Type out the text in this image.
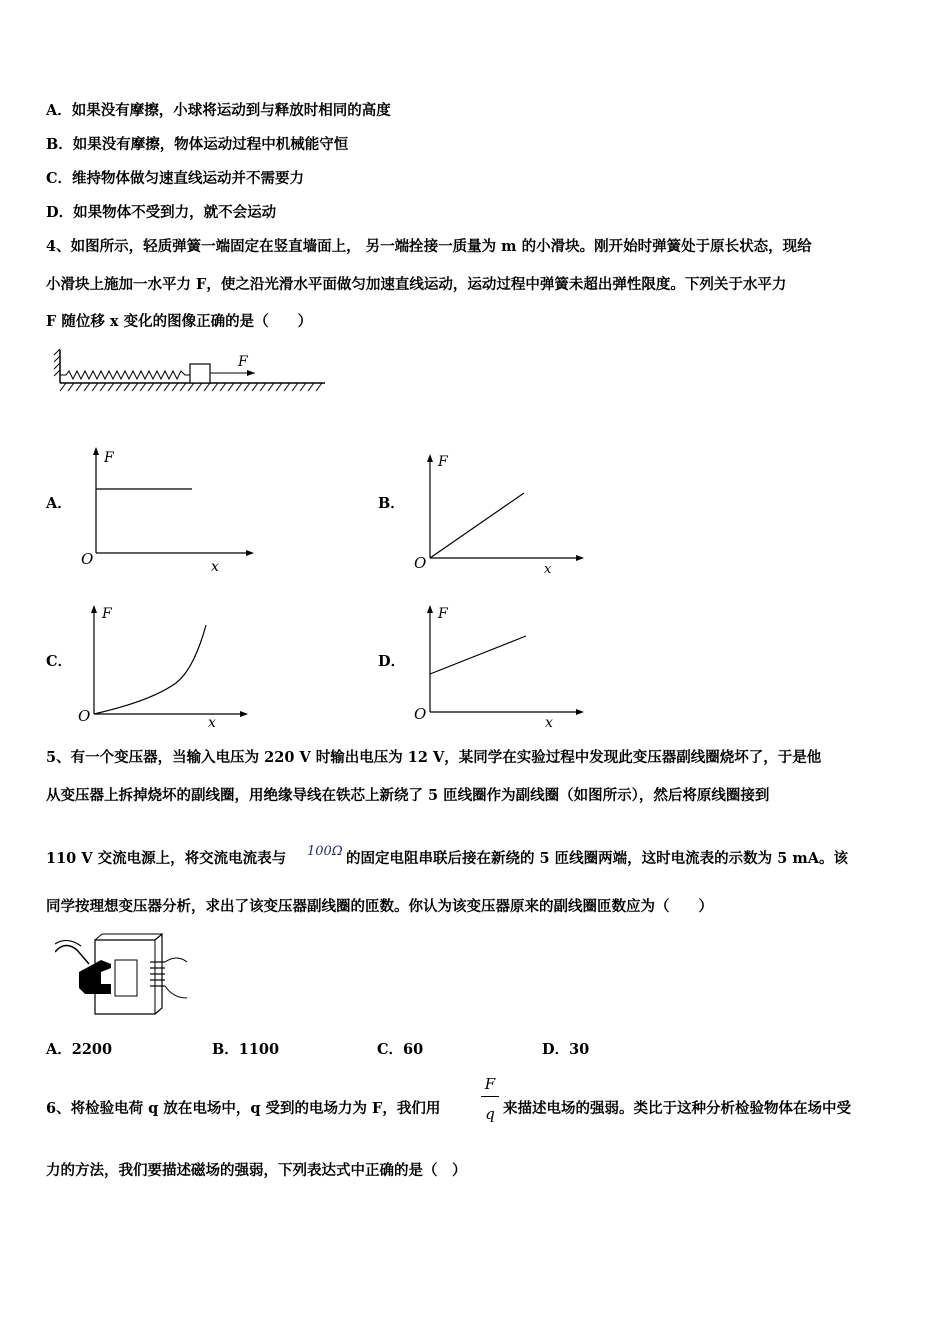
A．如果没有摩擦，小球将运动到与释放时相同的高度
B．如果没有摩擦，物体运动过程中机械能守恒
C．维持物体做匀速直线运动并不需要力
D．如果物体不受到力，就不会运动
4、如图所示，轻质弹簧一端固定在竖直墙面上， 另一端拴接一质量为 m 的小滑块。刚开始时弹簧处于原长状态，现给
小滑块上施加一水平力 F，使之沿光滑水平面做匀加速直线运动，运动过程中弹簧未超出弹性限度。下列关于水平力
F 随位移 x 变化的图像正确的是（　　）
F
A．	B．
C．	D．
F
O	x
F
O	x
F
O	x
F
O	x
5、有一个变压器，当输入电压为 220 V 时输出电压为 12 V，某同学在实验过程中发现此变压器副线圈烧坏了，于是他
从变压器上拆掉烧坏的副线圈，用绝缘导线在铁芯上新绕了 5 匝线圈作为副线圈（如图所示），然后将原线圈接到
110 V 交流电源上，将交流电流表与 100Ω 的固定电阻串联后接在新绕的 5 匝线圈两端，这时电流表的示数为 5 mA。该
同学按理想变压器分析，求出了该变压器副线圈的匝数。你认为该变压器原来的副线圈匝数应为（　　）
A．2200	B．1100	C．60	D．30
6、将检验电荷 q 放在电场中，q 受到的电场力为 F，我们用
F
q 来描述电场的强弱。类比于这种分析检验物体在场中受
力的方法，我们要描述磁场的强弱，下列表达式中正确的是（　）
